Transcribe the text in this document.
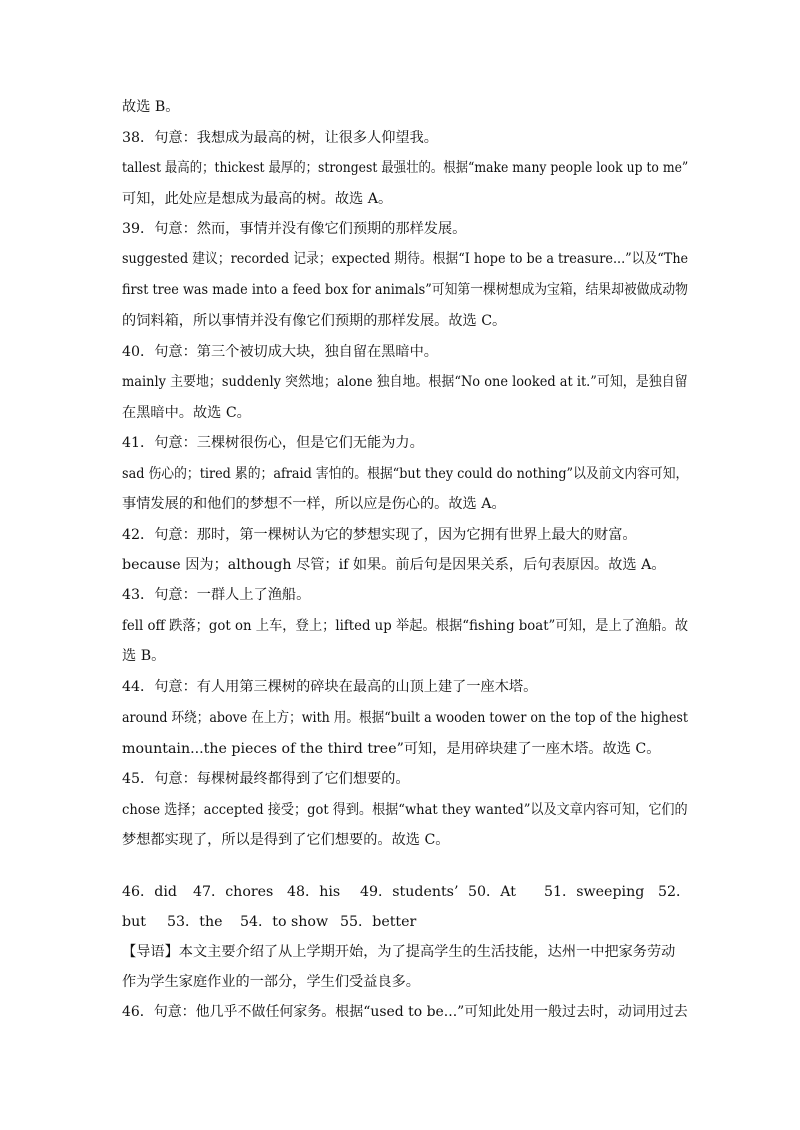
故选 B。
38．句意：我想成为最高的树，让很多人仰望我。
tallest 最高的；thickest 最厚的；strongest 最强壮的。根据“make many people look up to me”
可知，此处应是想成为最高的树。故选 A。
39．句意：然而，事情并没有像它们预期的那样发展。
suggested 建议；recorded 记录；expected 期待。根据“I hope to be a treasure...”以及“The
first tree was made into a feed box for animals”可知第一棵树想成为宝箱，结果却被做成动物
的饲料箱，所以事情并没有像它们预期的那样发展。故选 C。
40．句意：第三个被切成大块，独自留在黑暗中。
mainly 主要地；suddenly 突然地；alone 独自地。根据“No one looked at it.”可知，是独自留
在黑暗中。故选 C。
41．句意：三棵树很伤心，但是它们无能为力。
sad 伤心的；tired 累的；afraid 害怕的。根据“but they could do nothing”以及前文内容可知，
事情发展的和他们的梦想不一样，所以应是伤心的。故选 A。
42．句意：那时，第一棵树认为它的梦想实现了，因为它拥有世界上最大的财富。
because 因为；although 尽管；if 如果。前后句是因果关系，后句表原因。故选 A。
43．句意：一群人上了渔船。
fell off 跌落；got on 上车，登上；lifted up 举起。根据“fishing boat”可知，是上了渔船。故
选 B。
44．句意：有人用第三棵树的碎块在最高的山顶上建了一座木塔。
around 环绕；above 在上方；with 用。根据“built a wooden tower on the top of the highest
mountain...the pieces of the third tree”可知，是用碎块建了一座木塔。故选 C。
45．句意：每棵树最终都得到了它们想要的。
chose 选择；accepted 接受；got 得到。根据“what they wanted”以及文章内容可知，它们的
梦想都实现了，所以是得到了它们想要的。故选 C。
46．did 47．chores 48．his 49．students’ 50．At 51．sweeping 52．
but 53．the 54．to show 55．better
【导语】本文主要介绍了从上学期开始，为了提高学生的生活技能，达州一中把家务劳动
作为学生家庭作业的一部分，学生们受益良多。
46．句意：他几乎不做任何家务。根据“used to be...”可知此处用一般过去时，动词用过去
